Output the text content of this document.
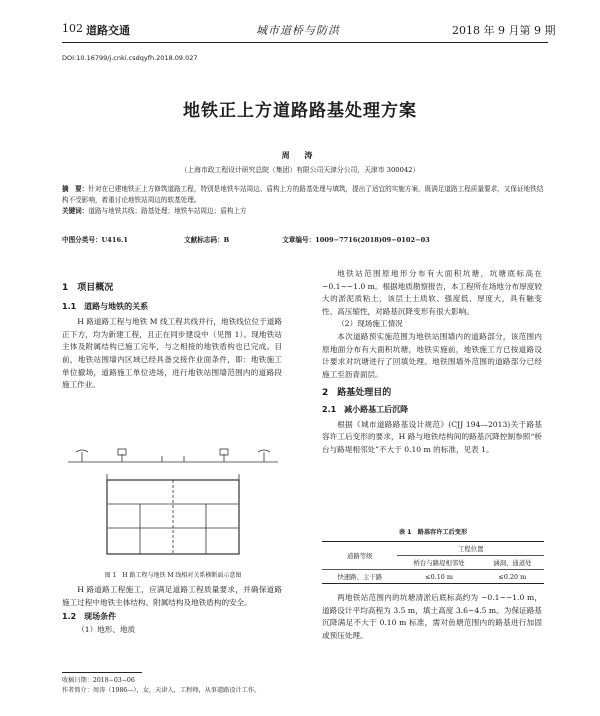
102 道路交通	城市道桥与防洪	2018 年 9 月第 9 期
DOI:10.16799/j.cnki.csdqyfh.2018.09.027
地铁正上方道路路基处理方案
周 涛
（上海市政工程设计研究总院（集团）有限公司天津分公司，天津市 300042）
摘　要：针对在已建地铁正上方修筑道路工程，特别是地铁车站周边、盾构上方的路基处理与填筑，提出了适宜的实施方案，既满足道路工程质量要求，又保证地铁结构不受影响，着重讨论地铁站周边的软基处理。
关键词：道路与地铁共线；路基处理；地铁车站周边；盾构上方
中图分类号：U416.1	文献标志码：B	文章编号：1009−7716(2018)09−0102−03

1　项目概况

1.1　道路与地铁的关系

H 路道路工程与地铁 M 线工程共线并行，地铁线位位于道路正下方，均为新建工程，且正在同步建设中（见图 1）。现地铁站主体及附属结构已施工完毕，与之相接的地铁盾构也已完成。目前，地铁站围墙内区域已经具备交接作业面条件，即：地铁施工单位撤场，道路施工单位进场，进行地铁站围墙范围内的道路段施工作业。

图 1　H 路工程与地铁 M 线相对关系横断面示意图

H 路道路工程施工，应满足道路工程质量要求，并确保道路施工过程中地铁主体结构、附属结构及地铁盾构的安全。

1.2　现场条件

（1）地形、地质

收稿日期：2018−03−06
作者简介：周涛（1986—），女，天津人，工程师，从事道路设计工作。

地铁站范围原地形分布有大面积坑塘，坑塘底标高在 −0.1~−1.0 m。根据地质勘察报告，本工程所在场地分布厚度较大的淤泥质粘土，该层土土质软、强度低、厚度大，具有触变性、高压缩性，对路基沉降变形有很大影响。

（2）现场施工情况

本次道路预实施范围为地铁站围墙内的道路部分，该范围内原地面分布有大面积坑塘，地铁实施前，地铁施工方已按道路设计要求对坑塘进行了回填处理。地铁围墙外范围的道路部分已经施工至沥青面层。

2　路基处理目的

2.1　减小路基工后沉降

根据《城市道路路基设计规范》(CJJ 194—2013)关于路基容许工后变形的要求，H 路与地铁结构间的路基沉降控制参照“桥台与路堤相邻处”不大于 0.10 m 的标准，见表 1。

表 1　路基容许工后变形
道路等级	工程位置	
	桥台与路堤相邻处	涵洞、通道处
快速路、主干路	≤0.10 m	≤0.20 m

两地铁站范围内的坑塘清淤后底标高约为 −0.1~−1.0 m，道路设计平均高程为 3.5 m，填土高度 3.6~4.5 m。为保证路基沉降满足不大于 0.10 m 标准，需对鱼塘范围内的路基进行加固或预压处理。
